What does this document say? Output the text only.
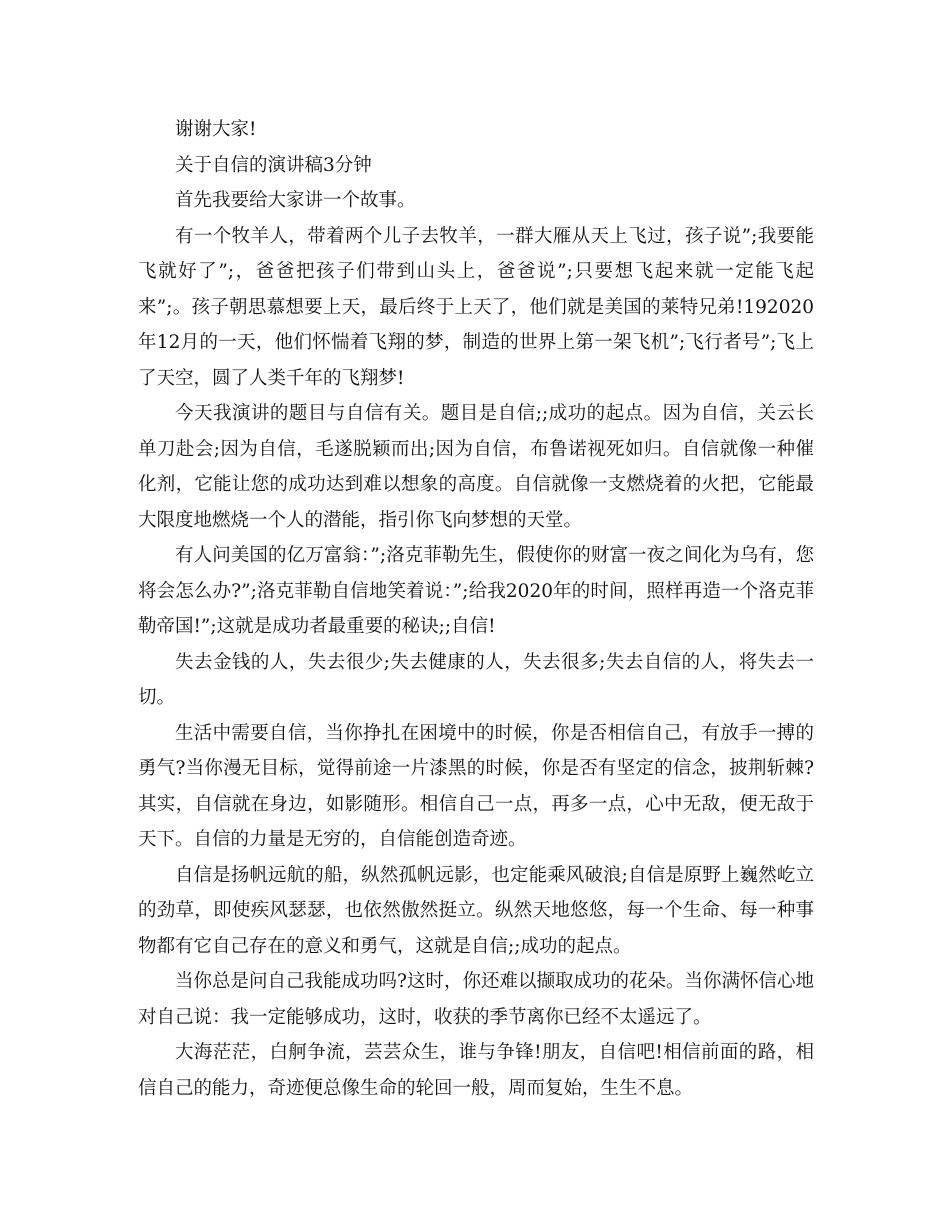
谢谢大家!

关于自信的演讲稿3分钟

首先我要给大家讲一个故事。

有一个牧羊人，带着两个儿子去牧羊，一群大雁从天上飞过，孩子说”;我要能飞就好了”;，爸爸把孩子们带到山头上，爸爸说”;只要想飞起来就一定能飞起来”;。孩子朝思慕想要上天，最后终于上天了，他们就是美国的莱特兄弟!192020年12月的一天，他们怀惴着飞翔的梦，制造的世界上第一架飞机”;飞行者号”;飞上了天空，圆了人类千年的飞翔梦!

今天我演讲的题目与自信有关。题目是自信;;成功的起点。因为自信，关云长单刀赴会;因为自信，毛遂脱颖而出;因为自信，布鲁诺视死如归。自信就像一种催化剂，它能让您的成功达到难以想象的高度。自信就像一支燃烧着的火把，它能最大限度地燃烧一个人的潜能，指引你飞向梦想的天堂。

有人问美国的亿万富翁：”;洛克菲勒先生，假使你的财富一夜之间化为乌有，您将会怎么办?”;洛克菲勒自信地笑着说：”;给我2020年的时间，照样再造一个洛克菲勒帝国!”;这就是成功者最重要的秘诀;;自信!

失去金钱的人，失去很少;失去健康的人，失去很多;失去自信的人，将失去一切。

生活中需要自信，当你挣扎在困境中的时候，你是否相信自己，有放手一搏的勇气?当你漫无目标，觉得前途一片漆黑的时候，你是否有坚定的信念，披荆斩棘?其实，自信就在身边，如影随形。相信自己一点，再多一点，心中无敌，便无敌于天下。自信的力量是无穷的，自信能创造奇迹。

自信是扬帆远航的船，纵然孤帆远影，也定能乘风破浪;自信是原野上巍然屹立的劲草，即使疾风瑟瑟，也依然傲然挺立。纵然天地悠悠，每一个生命、每一种事物都有它自己存在的意义和勇气，这就是自信;;成功的起点。

当你总是问自己我能成功吗?这时，你还难以撷取成功的花朵。当你满怀信心地对自己说：我一定能够成功，这时，收获的季节离你已经不太遥远了。

大海茫茫，白舸争流，芸芸众生，谁与争锋!朋友，自信吧!相信前面的路，相信自己的能力，奇迹便总像生命的轮回一般，周而复始，生生不息。
